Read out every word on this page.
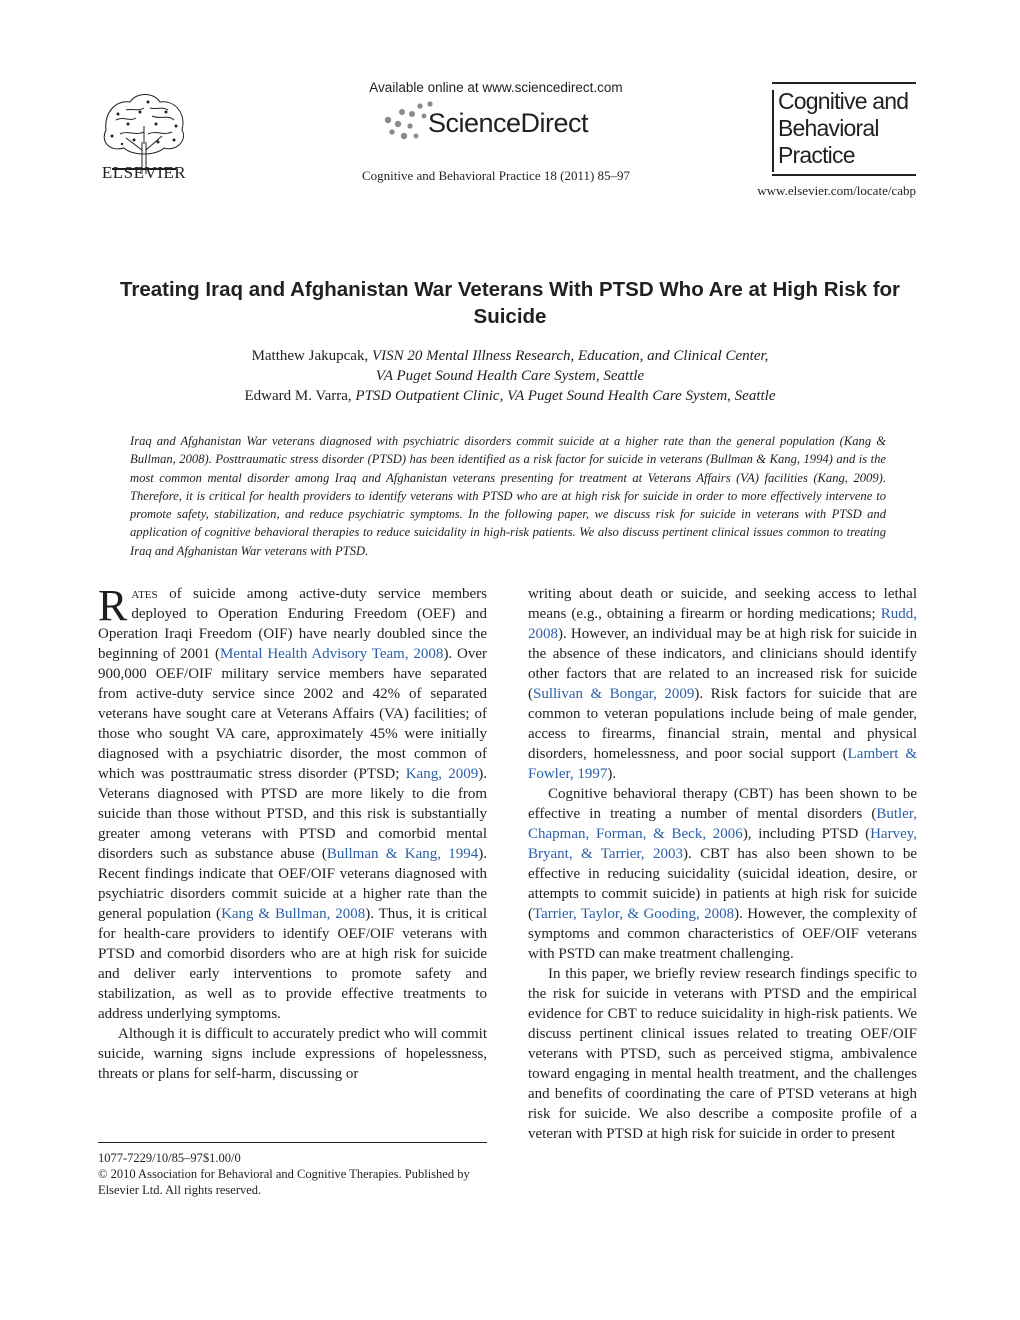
ELSEVIER
Available online at www.sciencedirect.com
ScienceDirect
Cognitive and Behavioral Practice 18 (2011) 85–97
Cognitive and
Behavioral
Practice
www.elsevier.com/locate/cabp
Treating Iraq and Afghanistan War Veterans With PTSD Who Are at High Risk for Suicide
Matthew Jakupcak, VISN 20 Mental Illness Research, Education, and Clinical Center,
VA Puget Sound Health Care System, Seattle
Edward M. Varra, PTSD Outpatient Clinic, VA Puget Sound Health Care System, Seattle
Iraq and Afghanistan War veterans diagnosed with psychiatric disorders commit suicide at a higher rate than the general population (Kang & Bullman, 2008). Posttraumatic stress disorder (PTSD) has been identified as a risk factor for suicide in veterans (Bullman & Kang, 1994) and is the most common mental disorder among Iraq and Afghanistan veterans presenting for treatment at Veterans Affairs (VA) facilities (Kang, 2009). Therefore, it is critical for health providers to identify veterans with PTSD who are at high risk for suicide in order to more effectively intervene to promote safety, stabilization, and reduce psychiatric symptoms. In the following paper, we discuss risk for suicide in veterans with PTSD and application of cognitive behavioral therapies to reduce suicidality in high-risk patients. We also discuss pertinent clinical issues common to treating Iraq and Afghanistan War veterans with PTSD.

Rates of suicide among active-duty service members deployed to Operation Enduring Freedom (OEF) and Operation Iraqi Freedom (OIF) have nearly doubled since the beginning of 2001 (Mental Health Advisory Team, 2008). Over 900,000 OEF/OIF military service members have separated from active-duty service since 2002 and 42% of separated veterans have sought care at Veterans Affairs (VA) facilities; of those who sought VA care, approximately 45% were initially diagnosed with a psychiatric disorder, the most common of which was posttraumatic stress disorder (PTSD; Kang, 2009). Veterans diagnosed with PTSD are more likely to die from suicide than those without PTSD, and this risk is substantially greater among veterans with PTSD and comorbid mental disorders such as substance abuse (Bullman & Kang, 1994). Recent findings indicate that OEF/OIF veterans diagnosed with psychiatric disorders commit suicide at a higher rate than the general population (Kang & Bullman, 2008). Thus, it is critical for health-care providers to identify OEF/OIF veterans with PTSD and comorbid disorders who are at high risk for suicide and deliver early interventions to promote safety and stabilization, as well as to provide effective treatments to address underlying symptoms.

Although it is difficult to accurately predict who will commit suicide, warning signs include expressions of hopelessness, threats or plans for self-harm, discussing or

1077-7229/10/85–97$1.00/0
© 2010 Association for Behavioral and Cognitive Therapies. Published by Elsevier Ltd. All rights reserved.

writing about death or suicide, and seeking access to lethal means (e.g., obtaining a firearm or hording medications; Rudd, 2008). However, an individual may be at high risk for suicide in the absence of these indicators, and clinicians should identify other factors that are related to an increased risk for suicide (Sullivan & Bongar, 2009). Risk factors for suicide that are common to veteran populations include being of male gender, access to firearms, financial strain, mental and physical disorders, homelessness, and poor social support (Lambert & Fowler, 1997).

Cognitive behavioral therapy (CBT) has been shown to be effective in treating a number of mental disorders (Butler, Chapman, Forman, & Beck, 2006), including PTSD (Harvey, Bryant, & Tarrier, 2003). CBT has also been shown to be effective in reducing suicidality (suicidal ideation, desire, or attempts to commit suicide) in patients at high risk for suicide (Tarrier, Taylor, & Gooding, 2008). However, the complexity of symptoms and common characteristics of OEF/OIF veterans with PSTD can make treatment challenging.

In this paper, we briefly review research findings specific to the risk for suicide in veterans with PTSD and the empirical evidence for CBT to reduce suicidality in high-risk patients. We discuss pertinent clinical issues related to treating OEF/OIF veterans with PTSD, such as perceived stigma, ambivalence toward engaging in mental health treatment, and the challenges and benefits of coordinating the care of PTSD veterans at high risk for suicide. We also describe a composite profile of a veteran with PTSD at high risk for suicide in order to present
